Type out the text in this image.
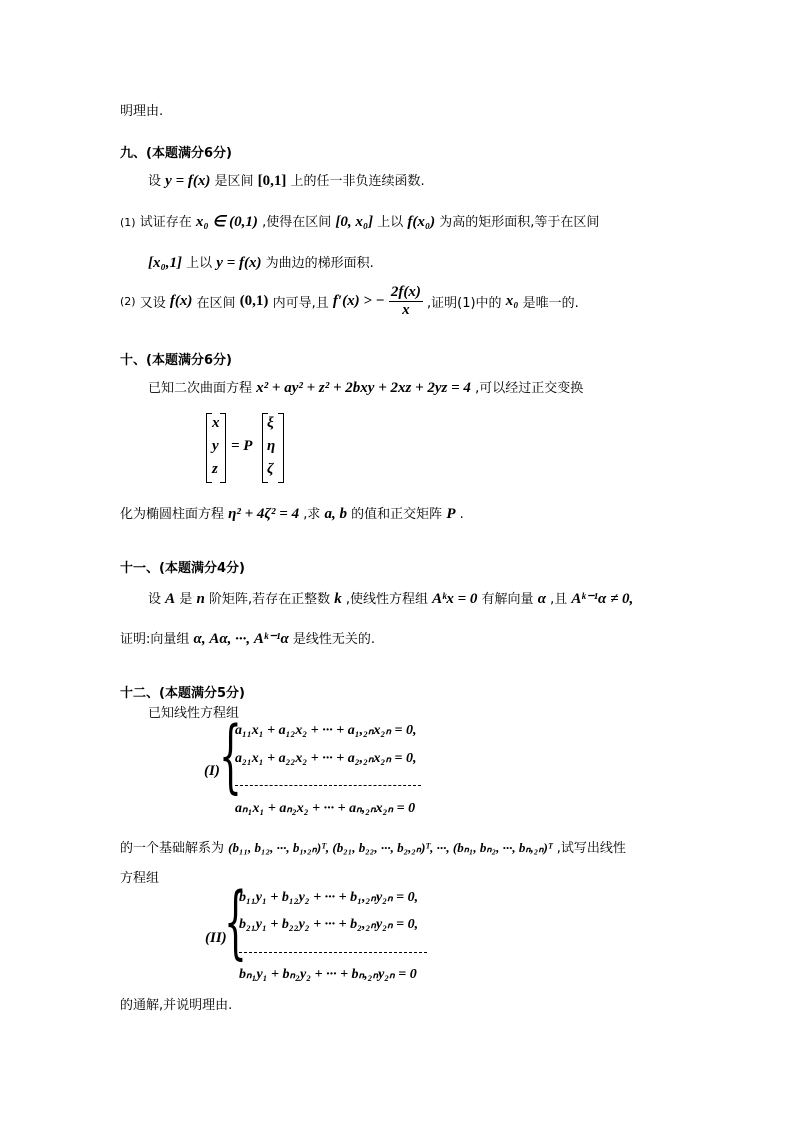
明理由.
九、(本题满分6分)
设 y = f(x) 是区间 [0,1] 上的任一非负连续函数.
(1) 试证存在 x₀ ∈ (0,1) ,使得在区间 [0, x₀] 上以 f(x₀) 为高的矩形面积,等于在区间
[x₀,1] 上以 y = f(x) 为曲边的梯形面积.
(2) 又设 f(x) 在区间 (0,1) 内可导,且 f′(x) > − $\frac{2f(x)}{x}$ ,证明(1)中的 x₀ 是唯一的.
十、(本题满分6分)
已知二次曲面方程 x² + ay² + z² + 2bxy + 2xz + 2yz = 4 ,可以经过正交变换
x
y
z
= P
ξ
η
ζ
化为椭圆柱面方程 η² + 4ζ² = 4 ,求 a, b 的值和正交矩阵 P .
十一、(本题满分4分)
设 A 是 n 阶矩阵,若存在正整数 k ,使线性方程组 Aᵏx = 0 有解向量 α ,且 Aᵏ⁻¹α ≠ 0,
证明:向量组 α, Aα, ···, Aᵏ⁻¹α 是线性无关的.
十二、(本题满分5分)
已知线性方程组
(I) {
a₁₁x₁ + a₁₂x₂ + ··· + a₁,₂ₙx₂ₙ = 0,
a₂₁x₁ + a₂₂x₂ + ··· + a₂,₂ₙx₂ₙ = 0,
aₙ₁x₁ + aₙ₂x₂ + ··· + aₙ,₂ₙx₂ₙ = 0
的一个基础解系为 (b₁₁, b₁₂, ···, b₁,₂ₙ)ᵀ, (b₂₁, b₂₂, ···, b₂,₂ₙ)ᵀ, ···, (bₙ₁, bₙ₂, ···, bₙ,₂ₙ)ᵀ ,试写出线性
方程组
(II)
{
b₁₁y₁ + b₁₂y₂ + ··· + b₁,₂ₙy₂ₙ = 0,
b₂₁y₁ + b₂₂y₂ + ··· + b₂,₂ₙy₂ₙ = 0,
bₙ₁y₁ + bₙ₂y₂ + ··· + bₙ,₂ₙy₂ₙ = 0
的通解,并说明理由.
